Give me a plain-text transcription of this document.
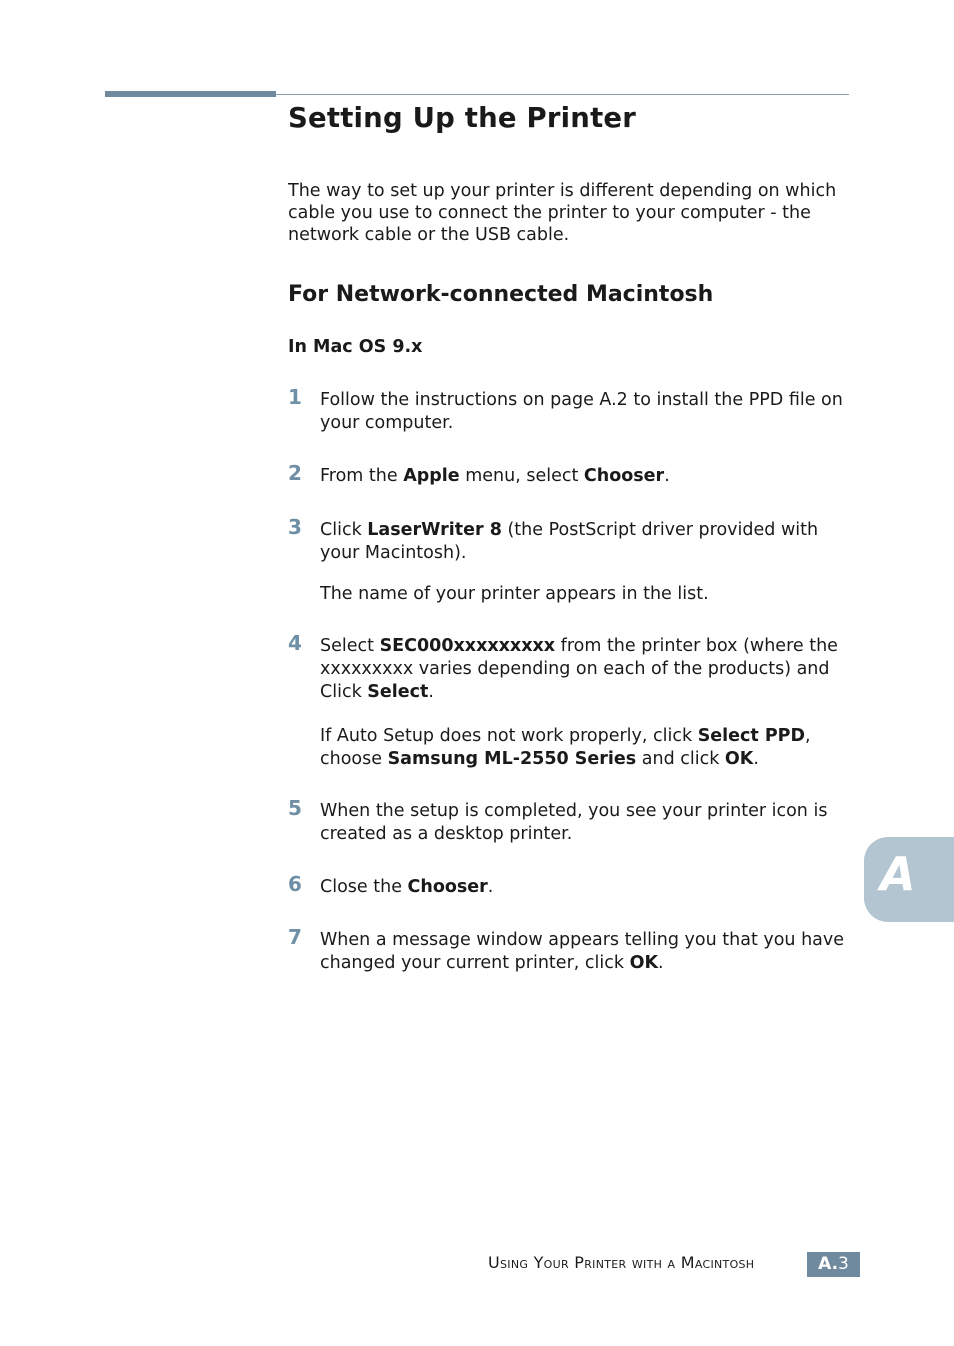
Setting Up the Printer

The way to set up your printer is different depending on which cable you use to connect the printer to your computer - the network cable or the USB cable.

For Network-connected Macintosh
In Mac OS 9.x
1 Follow the instructions on page A.2 to install the PPD file on your computer.

2 From the Apple menu, select Chooser.

3 Click LaserWriter 8 (the PostScript driver provided with your Macintosh).

The name of your printer appears in the list.

4 Select SEC000xxxxxxxxx from the printer box (where the xxxxxxxxx varies depending on each of the products) and Click Select.

If Auto Setup does not work properly, click Select PPD, choose Samsung ML-2550 Series and click OK.

5 When the setup is completed, you see your printer icon is created as a desktop printer.

6 Close the Chooser.

7 When a message window appears telling you that you have changed your current printer, click OK.

A
Using Your Printer with a Macintosh	A.3
